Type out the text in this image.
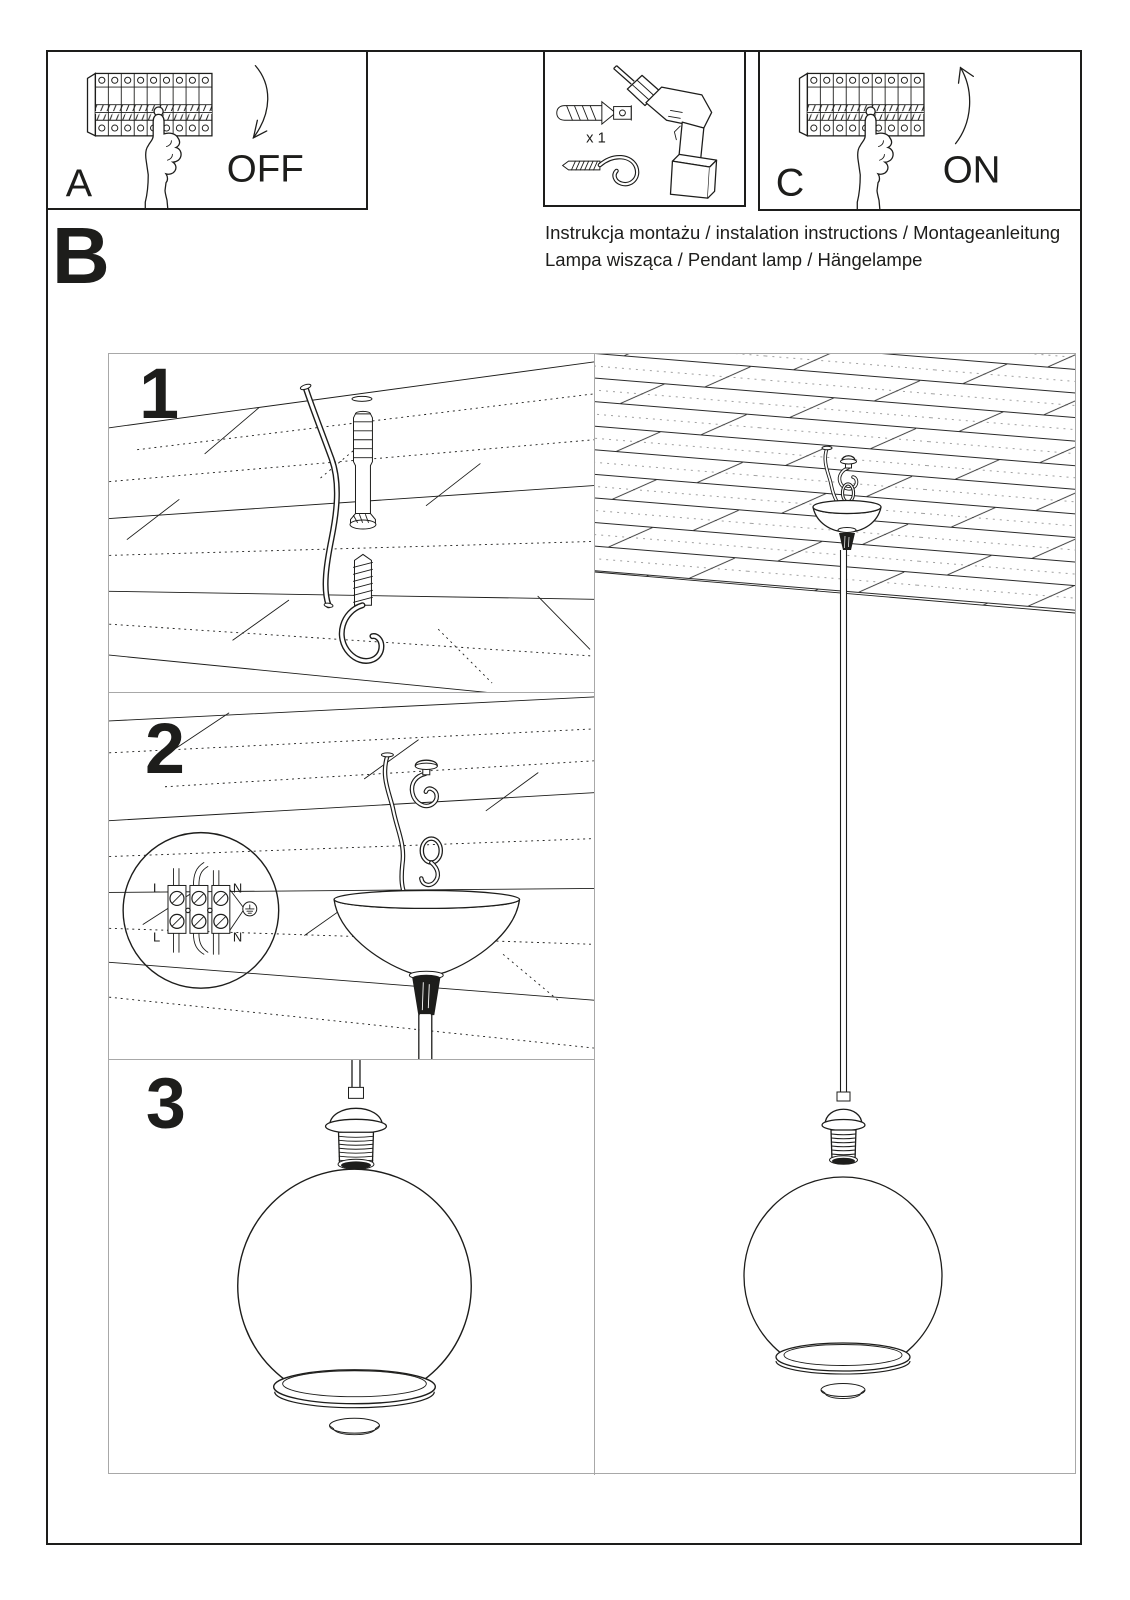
OFF
A
x 1
ON
C
Instrukcja montażu / instalation instructions / Montageanleitung
Lampa wisząca / Pendant lamp / Hängelampe
B
1
L	N
L	N
2
3
